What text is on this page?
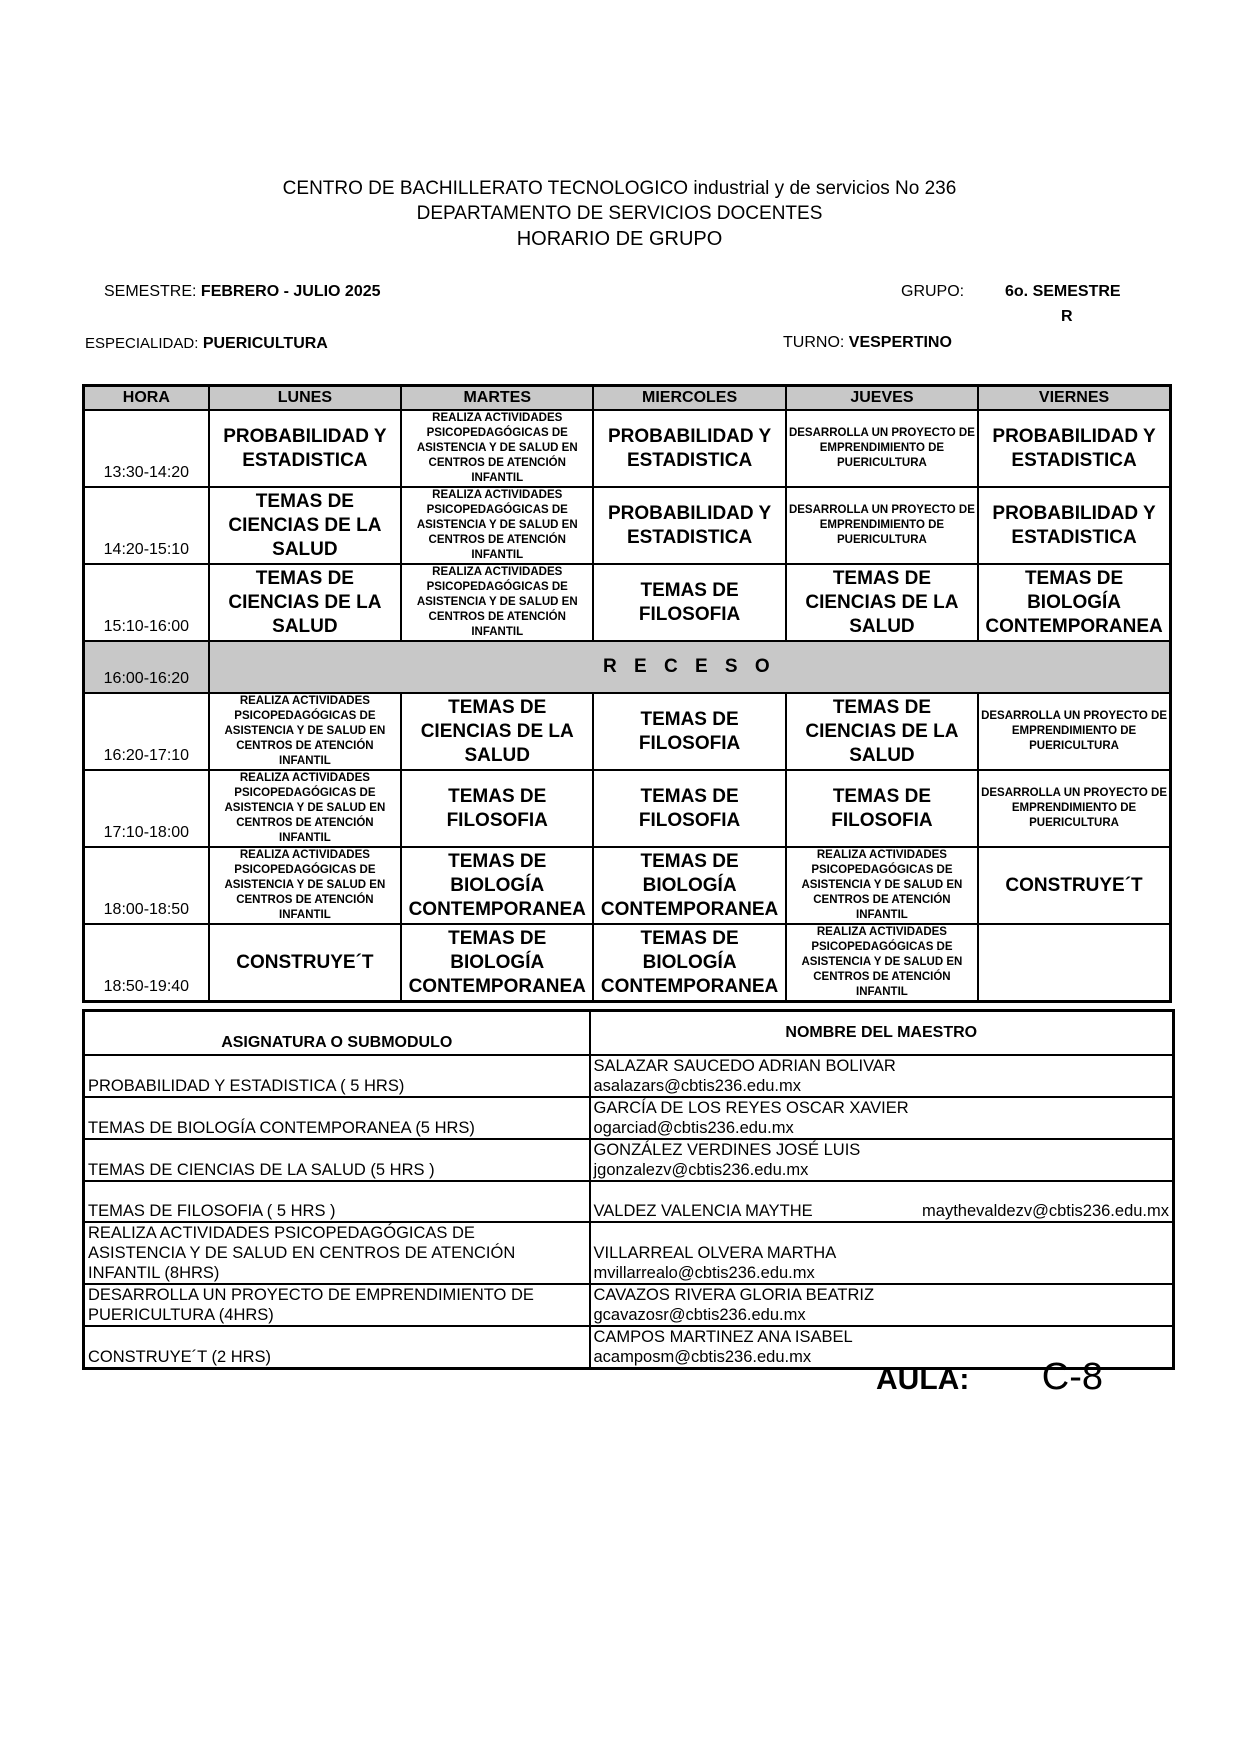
CENTRO DE BACHILLERATO TECNOLOGICO industrial y de servicios No 236
DEPARTAMENTO DE SERVICIOS DOCENTES
HORARIO DE GRUPO
SEMESTRE: FEBRERO - JULIO 2025	GRUPO:	6o. SEMESTRE
R
ESPECIALIDAD: PUERICULTURA	TURNO: VESPERTINO
HORA	LUNES	MARTES	MIERCOLES	JUEVES	VIERNES
13:30-14:20	PROBABILIDAD Y ESTADISTICA	REALIZA ACTIVIDADES PSICOPEDAGÓGICAS DE ASISTENCIA Y DE SALUD EN CENTROS DE ATENCIÓN INFANTIL	PROBABILIDAD Y ESTADISTICA	DESARROLLA UN PROYECTO DE EMPRENDIMIENTO DE PUERICULTURA	PROBABILIDAD Y ESTADISTICA
14:20-15:10	TEMAS DE CIENCIAS DE LA SALUD	REALIZA ACTIVIDADES PSICOPEDAGÓGICAS DE ASISTENCIA Y DE SALUD EN CENTROS DE ATENCIÓN INFANTIL	PROBABILIDAD Y ESTADISTICA	DESARROLLA UN PROYECTO DE EMPRENDIMIENTO DE PUERICULTURA	PROBABILIDAD Y ESTADISTICA
15:10-16:00	TEMAS DE CIENCIAS DE LA SALUD	REALIZA ACTIVIDADES PSICOPEDAGÓGICAS DE ASISTENCIA Y DE SALUD EN CENTROS DE ATENCIÓN INFANTIL	TEMAS DE FILOSOFIA	TEMAS DE CIENCIAS DE LA SALUD	TEMAS DE BIOLOGÍA CONTEMPORANEA
16:00-16:20	R E C E S O				
16:20-17:10	REALIZA ACTIVIDADES PSICOPEDAGÓGICAS DE ASISTENCIA Y DE SALUD EN CENTROS DE ATENCIÓN INFANTIL	TEMAS DE CIENCIAS DE LA SALUD	TEMAS DE FILOSOFIA	TEMAS DE CIENCIAS DE LA SALUD	DESARROLLA UN PROYECTO DE EMPRENDIMIENTO DE PUERICULTURA
17:10-18:00	REALIZA ACTIVIDADES PSICOPEDAGÓGICAS DE ASISTENCIA Y DE SALUD EN CENTROS DE ATENCIÓN INFANTIL	TEMAS DE FILOSOFIA	TEMAS DE FILOSOFIA	TEMAS DE FILOSOFIA	DESARROLLA UN PROYECTO DE EMPRENDIMIENTO DE PUERICULTURA
18:00-18:50	REALIZA ACTIVIDADES PSICOPEDAGÓGICAS DE ASISTENCIA Y DE SALUD EN CENTROS DE ATENCIÓN INFANTIL	TEMAS DE BIOLOGÍA CONTEMPORANEA	TEMAS DE BIOLOGÍA CONTEMPORANEA	REALIZA ACTIVIDADES PSICOPEDAGÓGICAS DE ASISTENCIA Y DE SALUD EN CENTROS DE ATENCIÓN INFANTIL	CONSTRUYE´T
18:50-19:40	CONSTRUYE´T	TEMAS DE BIOLOGÍA CONTEMPORANEA	TEMAS DE BIOLOGÍA CONTEMPORANEA	REALIZA ACTIVIDADES PSICOPEDAGÓGICAS DE ASISTENCIA Y DE SALUD EN CENTROS DE ATENCIÓN INFANTIL	
ASIGNATURA O SUBMODULO	NOMBRE DEL MAESTRO

PROBABILIDAD Y ESTADISTICA ( 5 HRS)	SALAZAR SAUCEDO ADRIAN BOLIVAR
asalazars@cbtis236.edu.mx

TEMAS DE BIOLOGÍA CONTEMPORANEA (5 HRS)	GARCÍA DE LOS REYES OSCAR XAVIER
ogarciad@cbtis236.edu.mx

TEMAS DE CIENCIAS DE LA SALUD (5 HRS )	GONZÁLEZ VERDINES JOSÉ LUIS
jgonzalezv@cbtis236.edu.mx

TEMAS DE FILOSOFIA ( 5 HRS )	VALDEZ VALENCIA MAYTHE maythevaldezv@cbtis236.edu.mx

REALIZA ACTIVIDADES PSICOPEDAGÓGICAS DE
ASISTENCIA Y DE SALUD EN CENTROS DE ATENCIÓN
INFANTIL (8HRS)	VILLARREAL OLVERA MARTHA
mvillarrealo@cbtis236.edu.mx

DESARROLLA UN PROYECTO DE EMPRENDIMIENTO DE
PUERICULTURA (4HRS)	CAVAZOS RIVERA GLORIA BEATRIZ
gcavazosr@cbtis236.edu.mx

CONSTRUYE´T (2 HRS)	CAMPOS MARTINEZ ANA ISABEL
acamposm@cbtis236.edu.mx
AULA: C-8
